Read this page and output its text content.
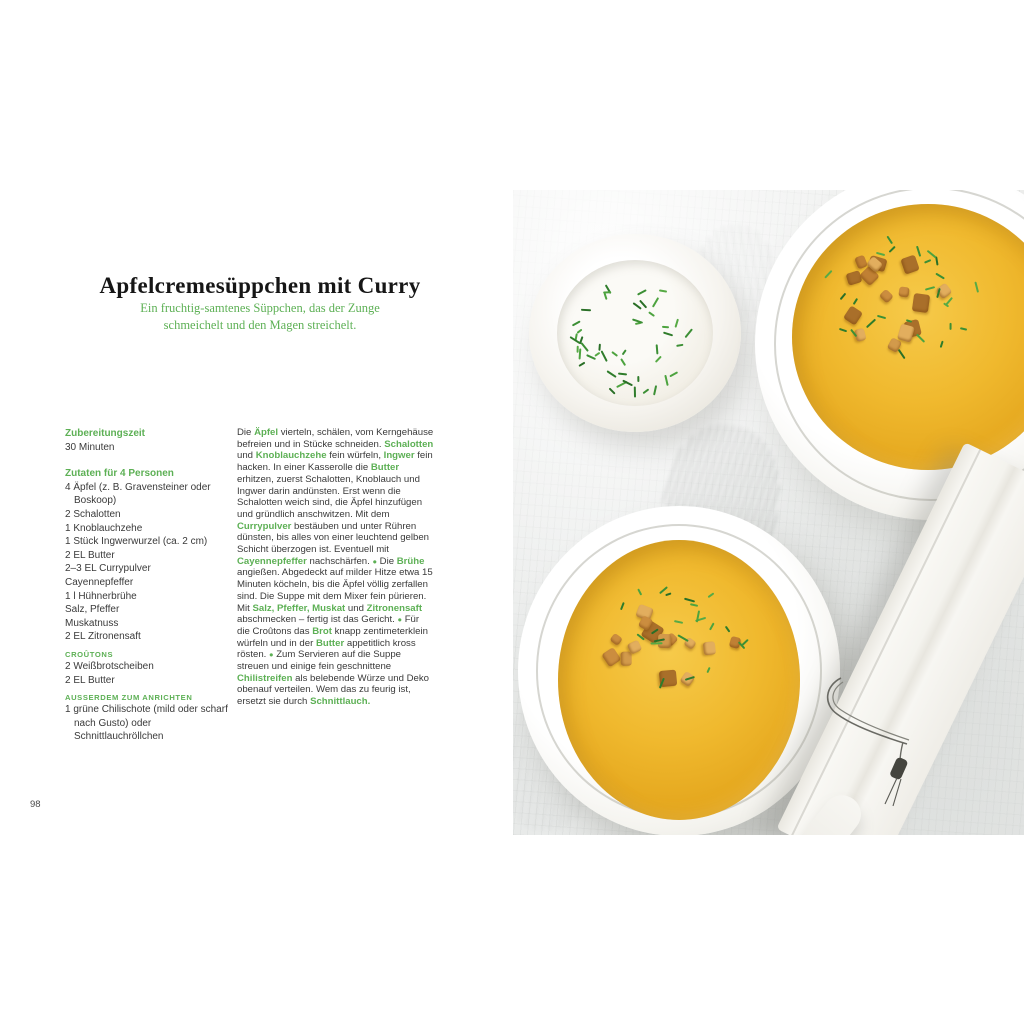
Apfelcremesüppchen mit Curry
Ein fruchtig-samtenes Süppchen, das der Zunge
schmeichelt und den Magen streichelt.
Zubereitungszeit
30 Minuten
Zutaten für 4 Personen
4 Äpfel (z. B. Gravensteiner oder Boskoop)
2 Schalotten
1 Knoblauchzehe
1 Stück Ingwerwurzel (ca. 2 cm)
2 EL Butter
2–3 EL Currypulver
Cayennepfeffer
1 l Hühnerbrühe
Salz, Pfeffer
Muskatnuss
2 EL Zitronensaft
CROÛTONS
2 Weißbrotscheiben
2 EL Butter
AUSSERDEM ZUM ANRICHTEN
1 grüne Chilischote (mild oder scharf nach Gusto) oder Schnittlauchröllchen
Die Äpfel vierteln, schälen, vom Kerngehäuse befreien und in Stücke schneiden. Schalotten und Knoblauchzehe fein würfeln, Ingwer fein hacken. In einer Kasserolle die Butter erhitzen, zuerst Schalotten, Knoblauch und Ingwer darin andünsten. Erst wenn die Schalotten weich sind, die Äpfel hinzufügen und gründlich anschwitzen. Mit dem Currypulver bestäuben und unter Rühren dünsten, bis alles von einer leuchtend gelben Schicht überzogen ist. Eventuell mit Cayennepfeffer nachschärfen. ● Die Brühe angießen. Abgedeckt auf milder Hitze etwa 15 Minuten köcheln, bis die Äpfel völlig zerfallen sind. Die Suppe mit dem Mixer fein pürieren. Mit Salz, Pfeffer, Muskat und Zitronensaft abschmecken – fertig ist das Gericht. ● Für die Croûtons das Brot knapp zentimeterklein würfeln und in der Butter appetitlich kross rösten. ● Zum Servieren auf die Suppe streuen und einige fein geschnittene Chilistreifen als belebende Würze und Deko obenauf verteilen. Wem das zu feurig ist, ersetzt sie durch Schnittlauch.
98
